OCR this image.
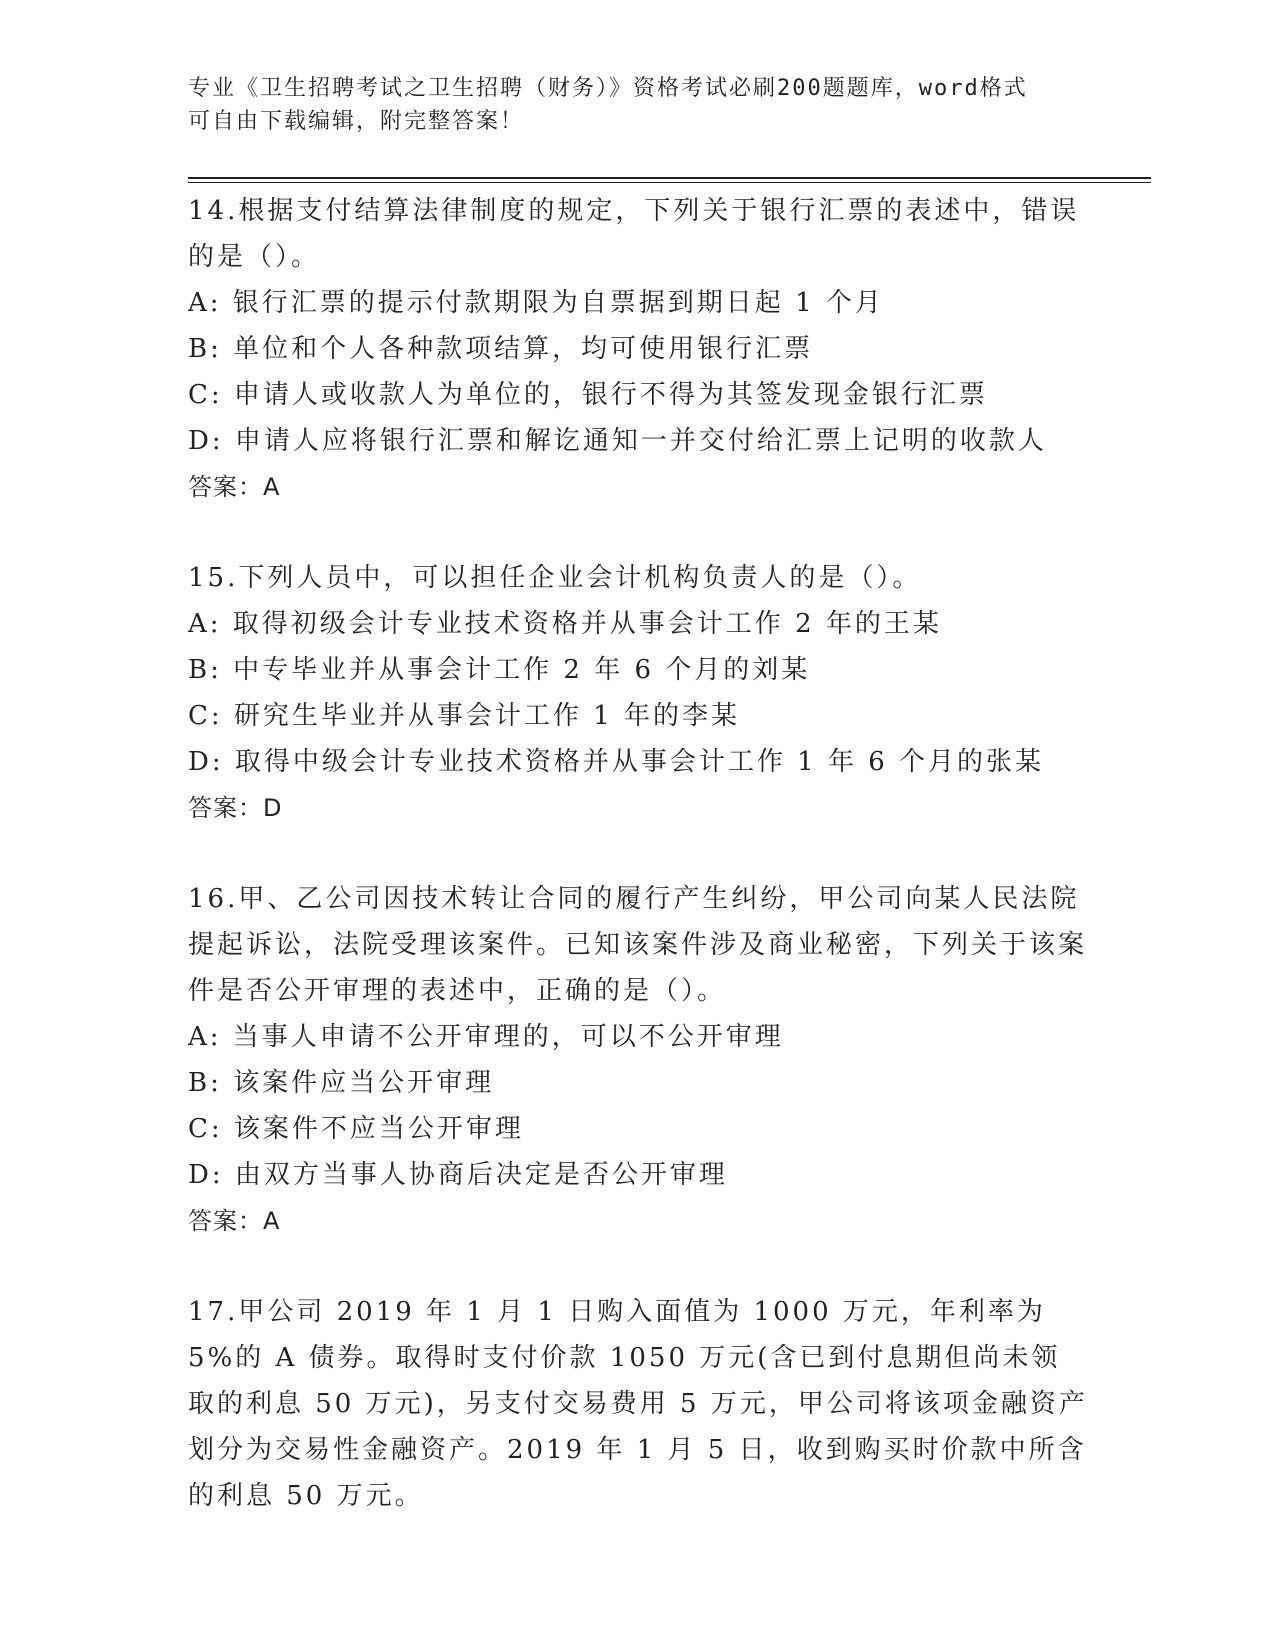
专业《卫生招聘考试之卫生招聘（财务）》资格考试必刷200题题库，word格式
可自由下载编辑，附完整答案！

14.根据支付结算法律制度的规定，下列关于银行汇票的表述中，错误的是（）。

A: 银行汇票的提示付款期限为自票据到期日起 1 个月

B: 单位和个人各种款项结算，均可使用银行汇票

C: 申请人或收款人为单位的，银行不得为其签发现金银行汇票

D: 申请人应将银行汇票和解讫通知一并交付给汇票上记明的收款人

答案：A

15.下列人员中，可以担任企业会计机构负责人的是（）。

A: 取得初级会计专业技术资格并从事会计工作 2 年的王某

B: 中专毕业并从事会计工作 2 年 6 个月的刘某

C: 研究生毕业并从事会计工作 1 年的李某

D: 取得中级会计专业技术资格并从事会计工作 1 年 6 个月的张某

答案：D

16.甲、乙公司因技术转让合同的履行产生纠纷，甲公司向某人民法院提起诉讼，法院受理该案件。已知该案件涉及商业秘密，下列关于该案件是否公开审理的表述中，正确的是（）。

A: 当事人申请不公开审理的，可以不公开审理

B: 该案件应当公开审理

C: 该案件不应当公开审理

D: 由双方当事人协商后决定是否公开审理

答案：A

17.甲公司 2019 年 1 月 1 日购入面值为 1000 万元，年利率为 5%的 A 债券。取得时支付价款 1050 万元(含已到付息期但尚未领取的利息 50 万元)，另支付交易费用 5 万元，甲公司将该项金融资产划分为交易性金融资产。2019 年 1 月 5 日，收到购买时价款中所含的利息 50 万元。
